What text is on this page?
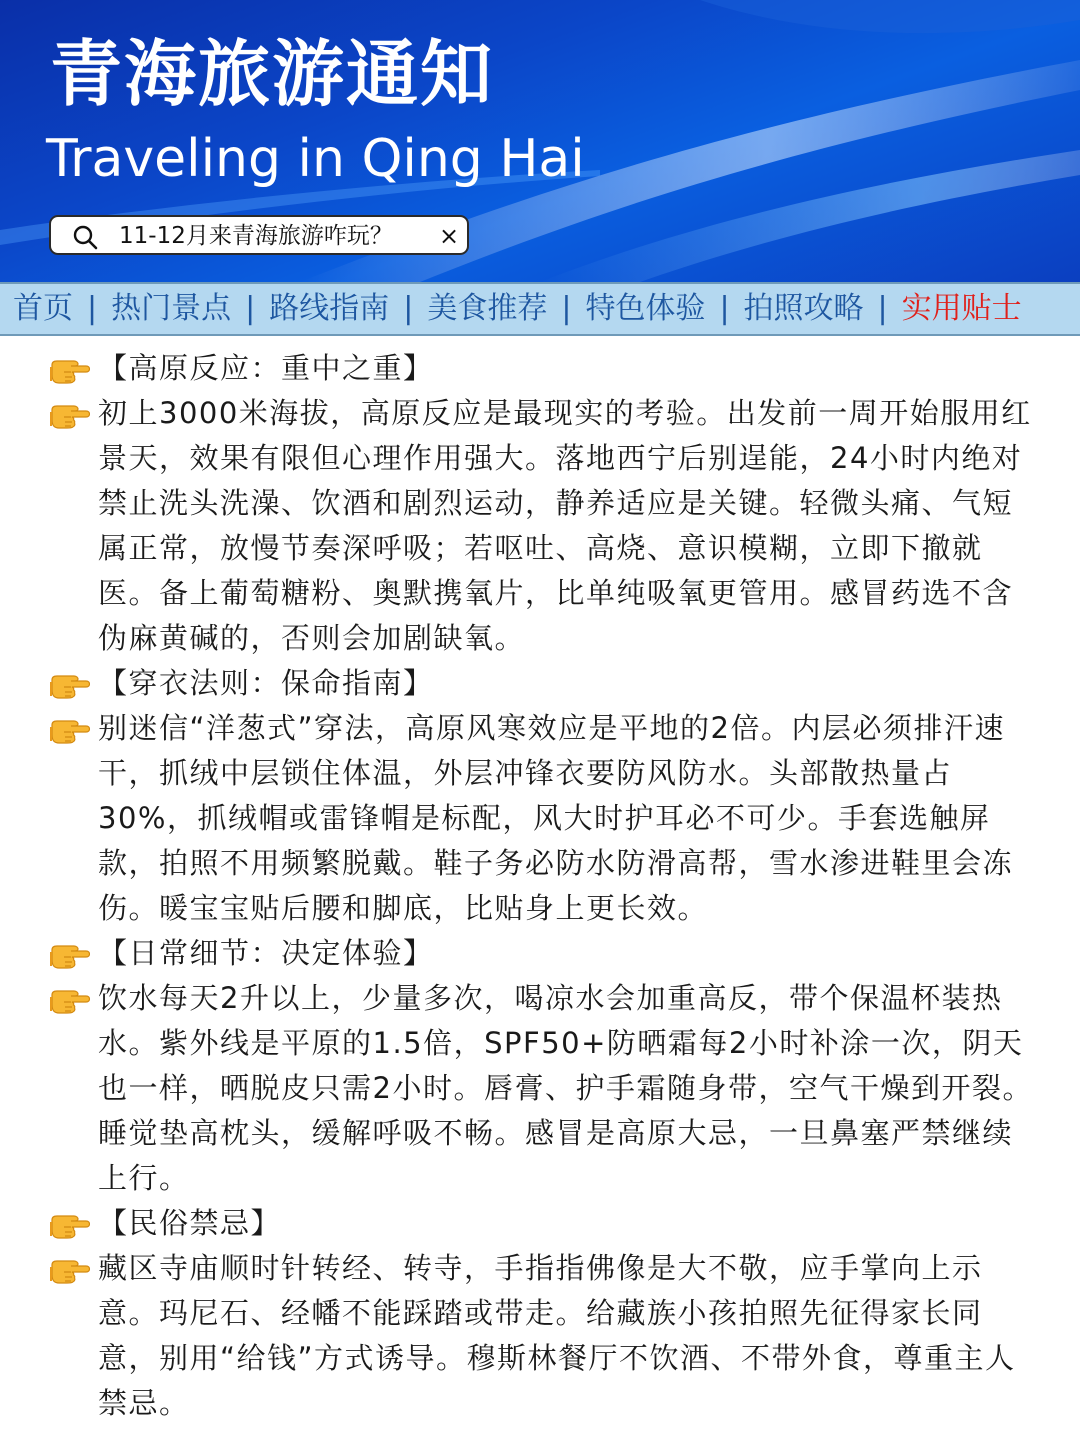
青海旅游通知

Traveling in Qing Hai

11-12月来青海旅游咋玩？ ×
首页 | 热门景点 | 路线指南 | 美食推荐 | 特色体验 | 拍照攻略 | 实用贴士

【高原反应：重中之重】

初上3000米海拔，高原反应是最现实的考验。出发前一周开始服用红景天，效果有限但心理作用强大。落地西宁后别逞能，24小时内绝对禁止洗头洗澡、饮酒和剧烈运动，静养适应是关键。轻微头痛、气短属正常，放慢节奏深呼吸；若呕吐、高烧、意识模糊，立即下撤就医。备上葡萄糖粉、奥默携氧片，比单纯吸氧更管用。感冒药选不含伪麻黄碱的，否则会加剧缺氧。

【穿衣法则：保命指南】

别迷信“洋葱式”穿法，高原风寒效应是平地的2倍。内层必须排汗速干，抓绒中层锁住体温，外层冲锋衣要防风防水。头部散热量占30%，抓绒帽或雷锋帽是标配，风大时护耳必不可少。手套选触屏款，拍照不用频繁脱戴。鞋子务必防水防滑高帮，雪水渗进鞋里会冻伤。暖宝宝贴后腰和脚底，比贴身上更长效。

【日常细节：决定体验】

饮水每天2升以上，少量多次，喝凉水会加重高反，带个保温杯装热水。紫外线是平原的1.5倍，SPF50+防晒霜每2小时补涂一次，阴天也一样，晒脱皮只需2小时。唇膏、护手霜随身带，空气干燥到开裂。睡觉垫高枕头，缓解呼吸不畅。感冒是高原大忌，一旦鼻塞严禁继续上行。

【民俗禁忌】

藏区寺庙顺时针转经、转寺，手指指佛像是大不敬，应手掌向上示意。玛尼石、经幡不能踩踏或带走。给藏族小孩拍照先征得家长同意，别用“给钱”方式诱导。穆斯林餐厅不饮酒、不带外食，尊重主人禁忌。
